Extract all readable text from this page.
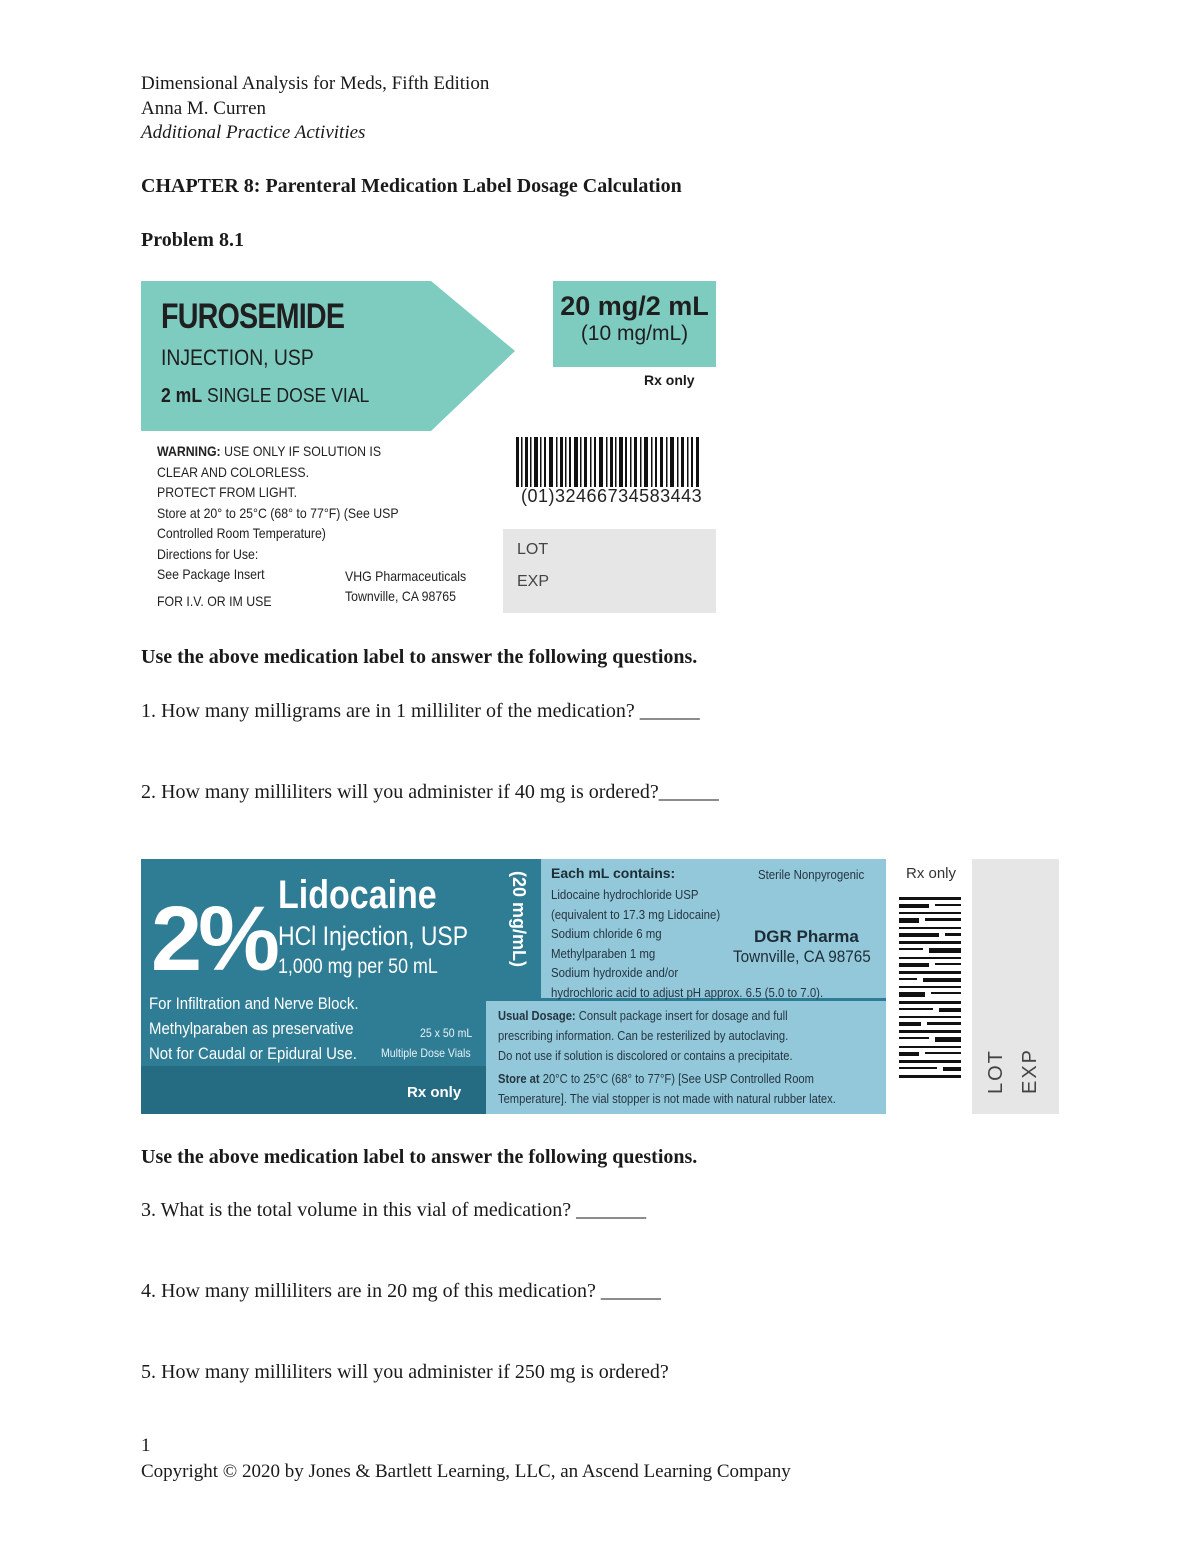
Dimensional Analysis for Meds, Fifth Edition
Anna M. Curren
Additional Practice Activities
CHAPTER 8: Parenteral Medication Label Dosage Calculation
Problem 8.1
FUROSEMIDE
INJECTION, USP
2 mL SINGLE DOSE VIAL
20 mg/2 mL
(10 mg/mL)
Rx only
WARNING: USE ONLY IF SOLUTION IS
CLEAR AND COLORLESS.
PROTECT FROM LIGHT.
Store at 20° to 25°C (68° to 77°F) (See USP
Controlled Room Temperature)
Directions for Use:
See Package Insert
FOR I.V. OR IM USE
VHG Pharmaceuticals
Townville, CA 98765
(01)32466734583443
LOT
EXP
Use the above medication label to answer the following questions.
1. How many milligrams are in 1 milliliter of the medication? ______
2. How many milliliters will you administer if 40 mg is ordered?______
2% Lidocaine
HCl Injection, USP
1,000 mg per 50 mL
For Infiltration and Nerve Block.
Methylparaben as preservative
Not for Caudal or Epidural Use.
25 x 50 mL
Multiple Dose Vials
Rx only
(20 mg/mL) Each mL contains:
Lidocaine hydrochloride USP
(equivalent to 17.3 mg Lidocaine)
Sodium chloride 6 mg
Methylparaben 1 mg
Sodium hydroxide and/or
hydrochloric acid to adjust pH approx. 6.5 (5.0 to 7.0).
Sterile Nonpyrogenic
DGR Pharma
Townville, CA 98765
Usual Dosage: Consult package insert for dosage and full
prescribing information. Can be resterilized by autoclaving.
Do not use if solution is discolored or contains a precipitate.
Store at 20°C to 25°C (68° to 77°F) [See USP Controlled Room
Temperature]. The vial stopper is not made with natural rubber latex.
Rx only
LOT EXP
Use the above medication label to answer the following questions.
3. What is the total volume in this vial of medication? _______
4. How many milliliters are in 20 mg of this medication? ______
5. How many milliliters will you administer if 250 mg is ordered?
1
Copyright © 2020 by Jones & Bartlett Learning, LLC, an Ascend Learning Company
